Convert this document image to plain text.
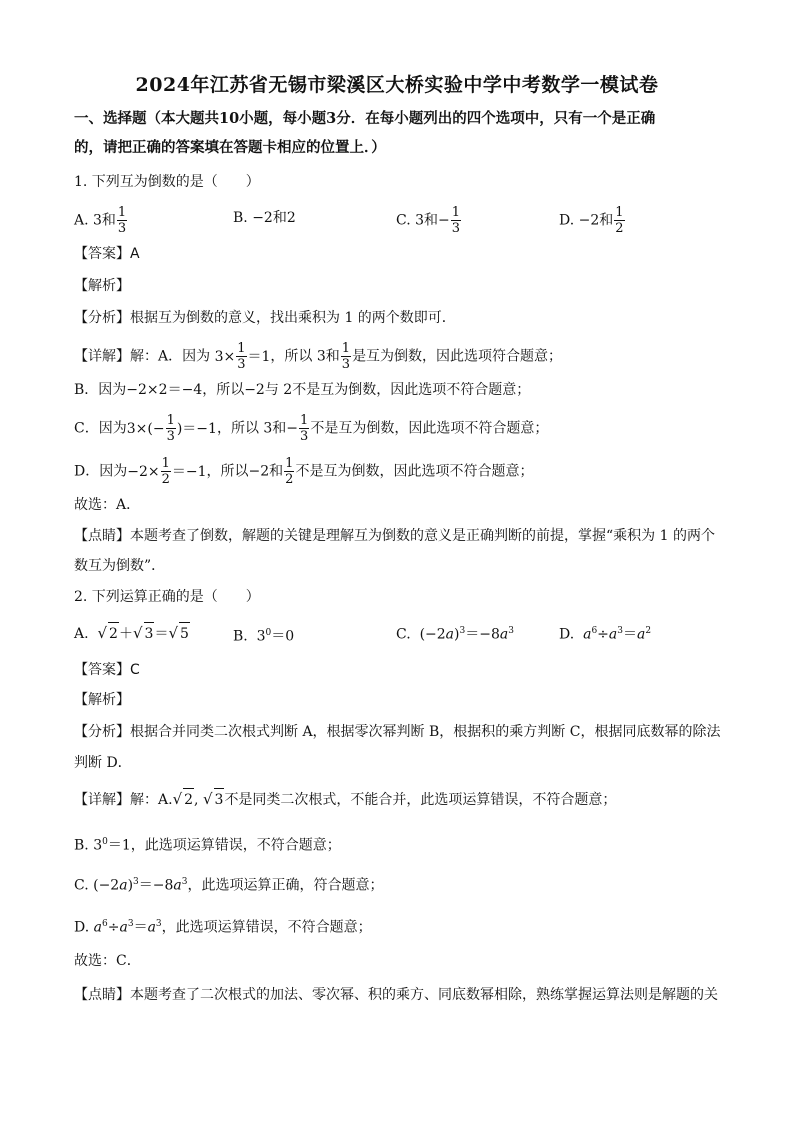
2024年江苏省无锡市梁溪区大桥实验中学中考数学一模试卷
一、选择题（本大题共10小题，每小题3分．在每小题列出的四个选项中，只有一个是正确
的，请把正确的答案填在答题卡相应的位置上．）
1. 下列互为倒数的是（　　）
A. 3和 $\frac{1}{3}$	B. −2和2	C. 3和− $\frac{1}{3}$	D. −2和 $\frac{1}{2}$
【答案】A
【解析】
【分析】根据互为倒数的意义，找出乘积为 1 的两个数即可．
【详解】解：A．因为 $3\times \frac{1}{3} =1$，所以 3和 $\frac{1}{3}$ 是互为倒数，因此选项符合题意；
B．因为−2×2＝−4，所以−2与 2不是互为倒数，因此选项不符合题意；
C．因为$3\times(- \frac{1}{3} )=-1$，所以 3和− $\frac{1}{3}$ 不是互为倒数，因此选项不符合题意；
D．因为$-2\times \frac{1}{2} =-1$，所以−2和 $\frac{1}{2}$ 不是互为倒数，因此选项不符合题意；
故选：A．
【点睛】本题考查了倒数，解题的关键是理解互为倒数的意义是正确判断的前提，掌握“乘积为 1 的两个
数互为倒数”．
2. 下列运算正确的是（　　）
A.  √ 2＋√ 3＝√ 5	B.  $3^0=0$	C.  $(-2a)^3=-8a^3$	D.  $a^6\div a^3=a^2$
【答案】C
【解析】
【分析】根据合并同类二次根式判断 A，根据零次幂判断 B，根据积的乘方判断 C，根据同底数幂的除法
判断 D．
【详解】解：A.√ 2, √ 3不是同类二次根式，不能合并，此选项运算错误，不符合题意；
B. $3^0=1$，此选项运算错误，不符合题意；
C. $(-2a)^3=-8a^3$，此选项运算正确，符合题意；
D. $a^6\div a^3=a^3$，此选项运算错误，不符合题意；
故选：C．
【点睛】本题考查了二次根式的加法、零次幂、积的乘方、同底数幂相除，熟练掌握运算法则是解题的关
